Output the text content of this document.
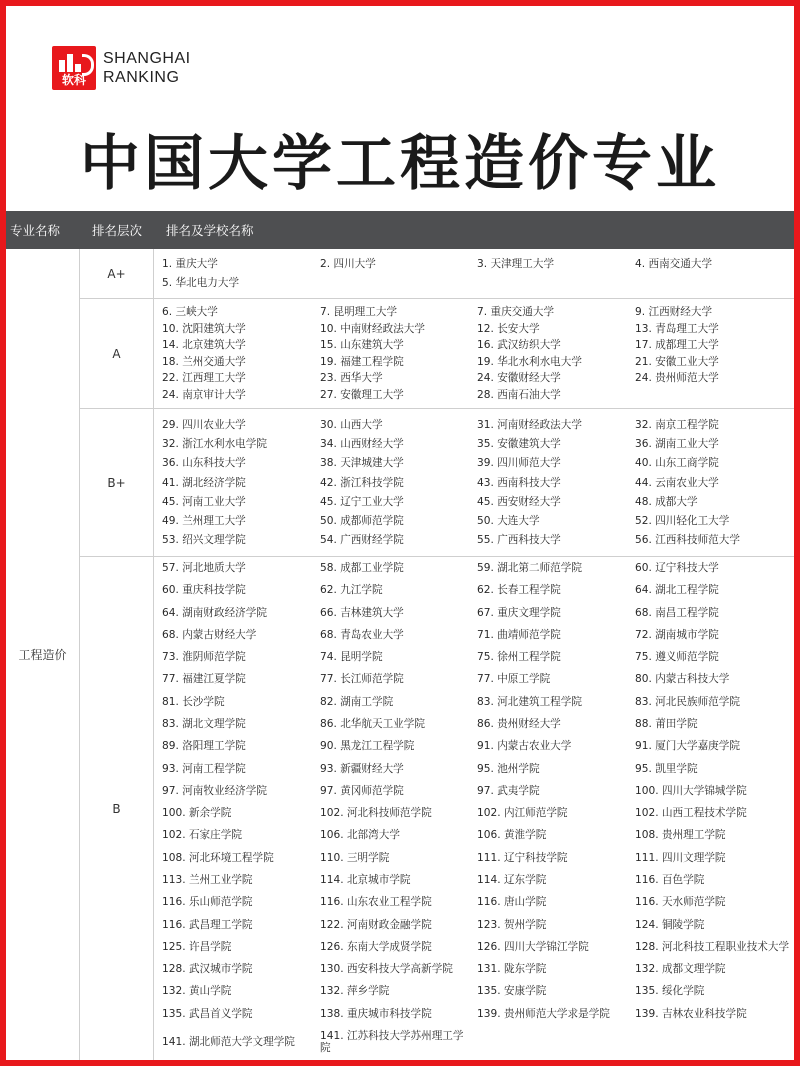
软科
SHANGHAI
RANKING
中国大学工程造价专业
专业名称	排名层次	排名及学校名称
工程造价
A+
1. 重庆大学	2. 四川大学	3. 天津理工大学	4. 西南交通大学
5. 华北电力大学
A
6. 三峡大学	7. 昆明理工大学	7. 重庆交通大学	9. 江西财经大学
10. 沈阳建筑大学	10. 中南财经政法大学	12. 长安大学	13. 青岛理工大学
14. 北京建筑大学	15. 山东建筑大学	16. 武汉纺织大学	17. 成都理工大学
18. 兰州交通大学	19. 福建工程学院	19. 华北水利水电大学	21. 安徽工业大学
22. 江西理工大学	23. 西华大学	24. 安徽财经大学	24. 贵州师范大学
24. 南京审计大学	27. 安徽理工大学	28. 西南石油大学
B+
29. 四川农业大学	30. 山西大学	31. 河南财经政法大学	32. 南京工程学院
32. 浙江水利水电学院	34. 山西财经大学	35. 安徽建筑大学	36. 湖南工业大学
36. 山东科技大学	38. 天津城建大学	39. 四川师范大学	40. 山东工商学院
41. 湖北经济学院	42. 浙江科技学院	43. 西南科技大学	44. 云南农业大学
45. 河南工业大学	45. 辽宁工业大学	45. 西安财经大学	48. 成都大学
49. 兰州理工大学	50. 成都师范学院	50. 大连大学	52. 四川轻化工大学
53. 绍兴文理学院	54. 广西财经学院	55. 广西科技大学	56. 江西科技师范大学
B
57. 河北地质大学	58. 成都工业学院	59. 湖北第二师范学院	60. 辽宁科技大学
60. 重庆科技学院	62. 九江学院	62. 长春工程学院	64. 湖北工程学院
64. 湖南财政经济学院	66. 吉林建筑大学	67. 重庆文理学院	68. 南昌工程学院
68. 内蒙古财经大学	68. 青岛农业大学	71. 曲靖师范学院	72. 湖南城市学院
73. 淮阴师范学院	74. 昆明学院	75. 徐州工程学院	75. 遵义师范学院
77. 福建江夏学院	77. 长江师范学院	77. 中原工学院	80. 内蒙古科技大学
81. 长沙学院	82. 湖南工学院	83. 河北建筑工程学院	83. 河北民族师范学院
83. 湖北文理学院	86. 北华航天工业学院	86. 贵州财经大学	88. 莆田学院
89. 洛阳理工学院	90. 黑龙江工程学院	91. 内蒙古农业大学	91. 厦门大学嘉庚学院
93. 河南工程学院	93. 新疆财经大学	95. 池州学院	95. 凯里学院
97. 河南牧业经济学院	97. 黄冈师范学院	97. 武夷学院	100. 四川大学锦城学院
100. 新余学院	102. 河北科技师范学院	102. 内江师范学院	102. 山西工程技术学院
102. 石家庄学院	106. 北部湾大学	106. 黄淮学院	108. 贵州理工学院
108. 河北环境工程学院	110. 三明学院	111. 辽宁科技学院	111. 四川文理学院
113. 兰州工业学院	114. 北京城市学院	114. 辽东学院	116. 百色学院
116. 乐山师范学院	116. 山东农业工程学院	116. 唐山学院	116. 天水师范学院
116. 武昌理工学院	122. 河南财政金融学院	123. 贺州学院	124. 铜陵学院
125. 许昌学院	126. 东南大学成贤学院	126. 四川大学锦江学院	128. 河北科技工程职业技术大学
128. 武汉城市学院	130. 西安科技大学高新学院	131. 陇东学院	132. 成都文理学院
132. 黄山学院	132. 萍乡学院	135. 安康学院	135. 绥化学院
135. 武昌首义学院	138. 重庆城市科技学院	139. 贵州师范大学求是学院	139. 吉林农业科技学院
141. 湖北师范大学文理学院	141. 江苏科技大学苏州理工学院
